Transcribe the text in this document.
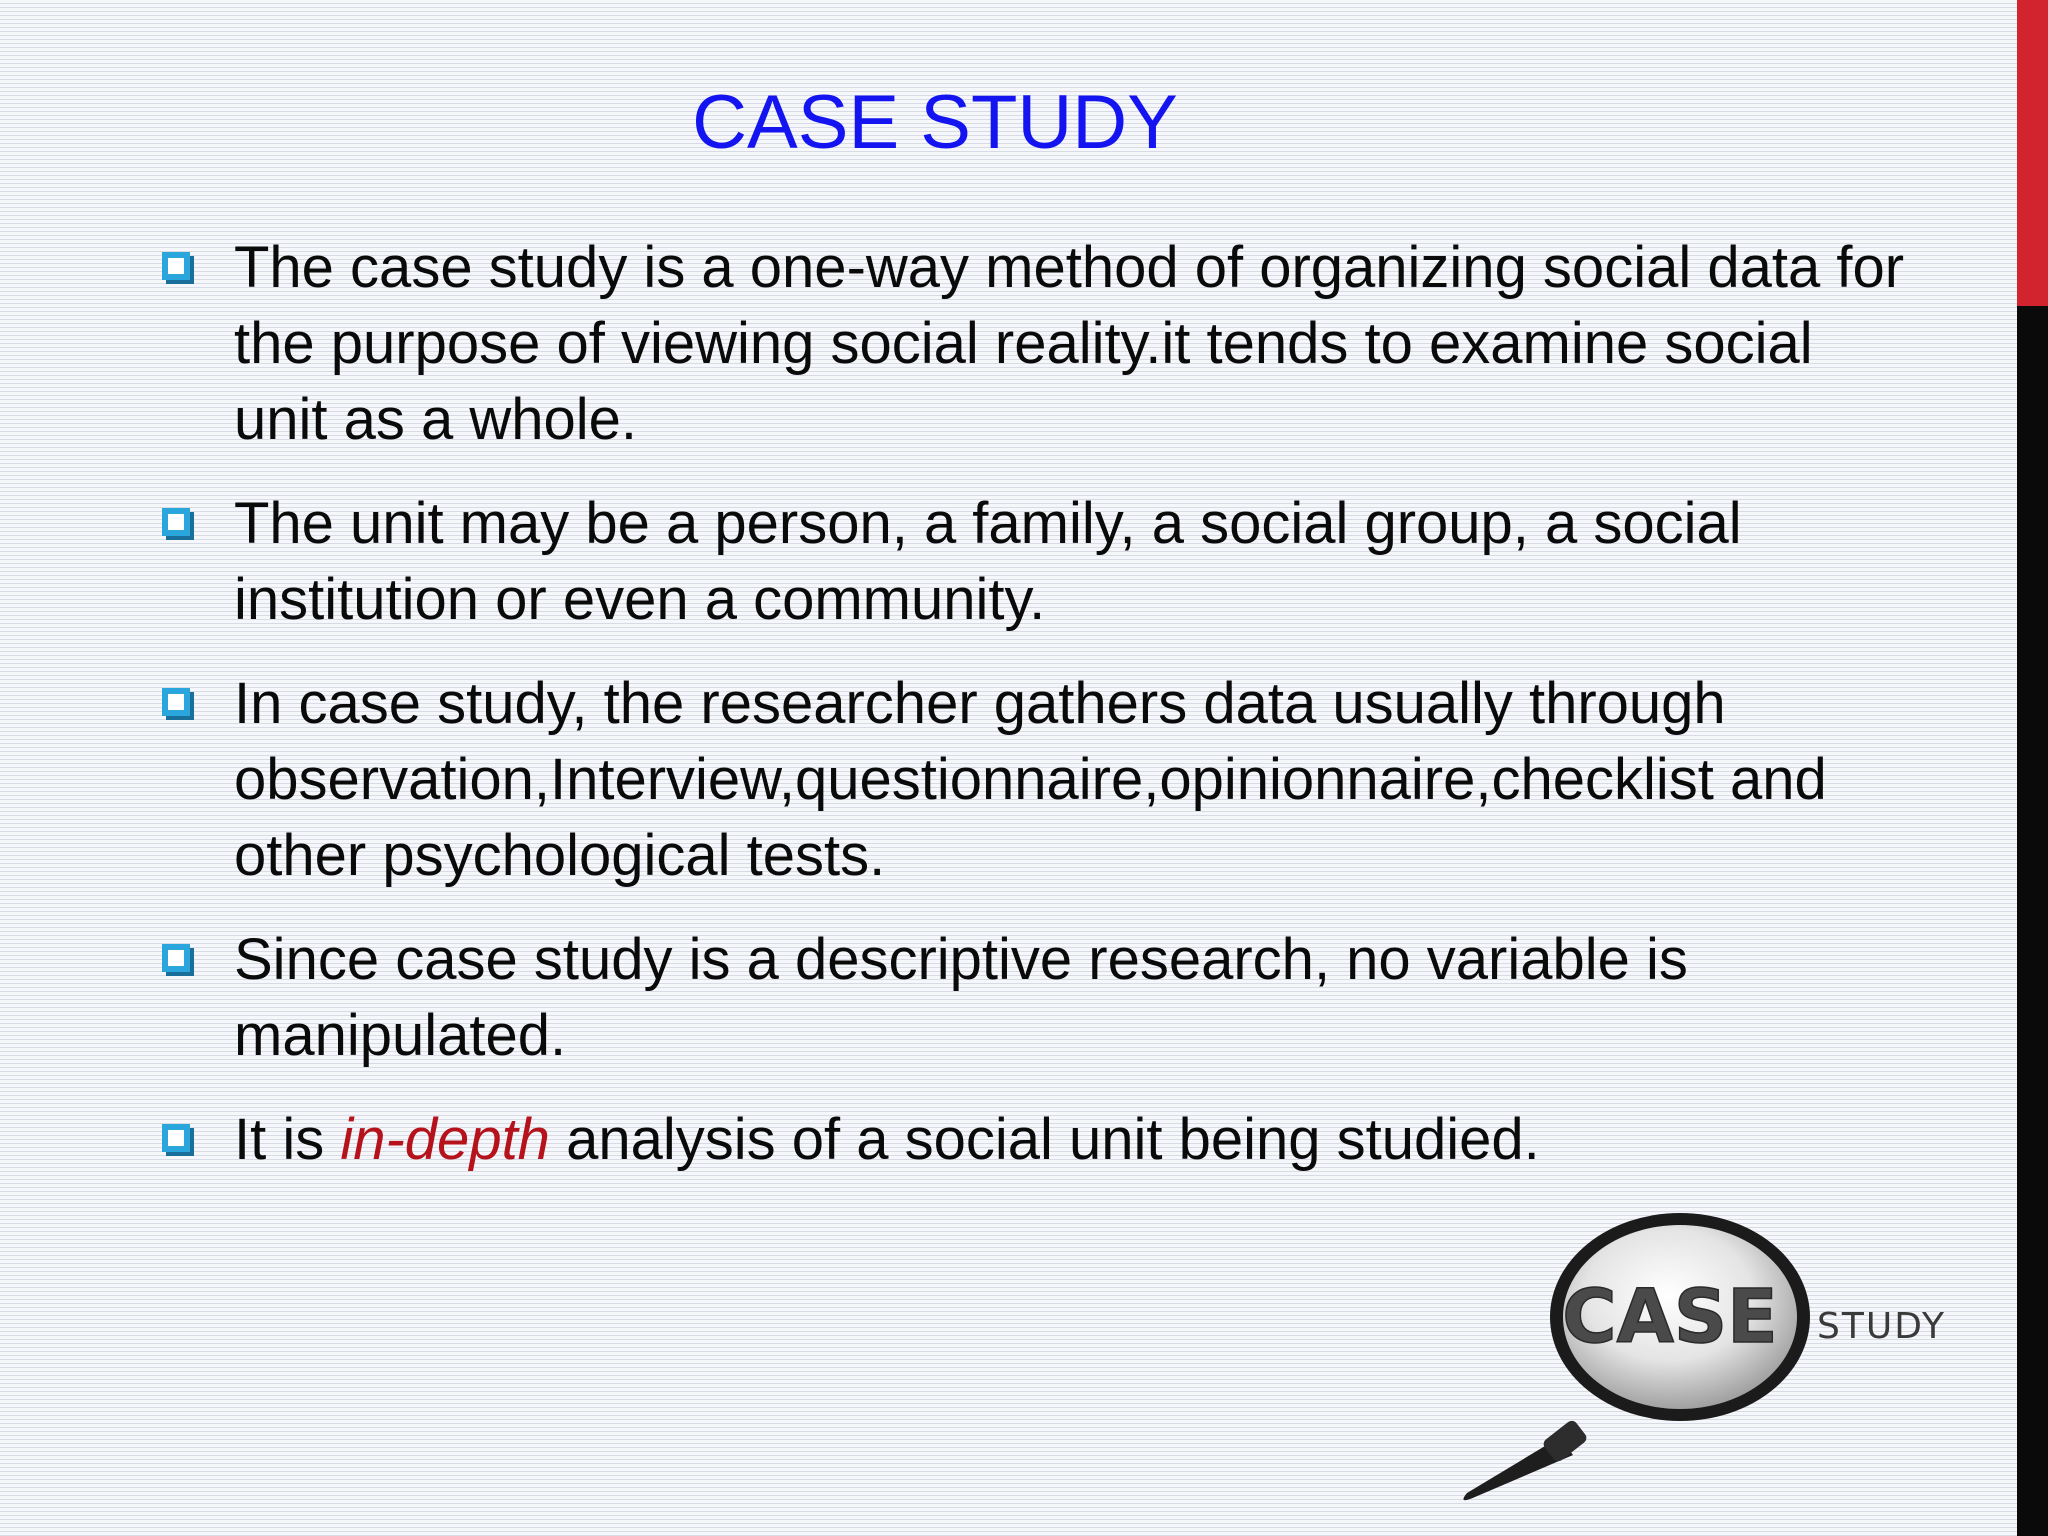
CASE STUDY
The case study is a one-way method of organizing social data for the purpose of viewing social reality.it tends to examine social unit as a whole.
The unit may be a person, a family, a social group, a social institution or even a community.
In case study, the researcher gathers data usually through observation,Interview,questionnaire,opinionnaire,checklist and other psychological tests.
Since case study is a descriptive research, no variable is manipulated.
It is in-depth analysis of a social unit being studied.
CASE STUDY
